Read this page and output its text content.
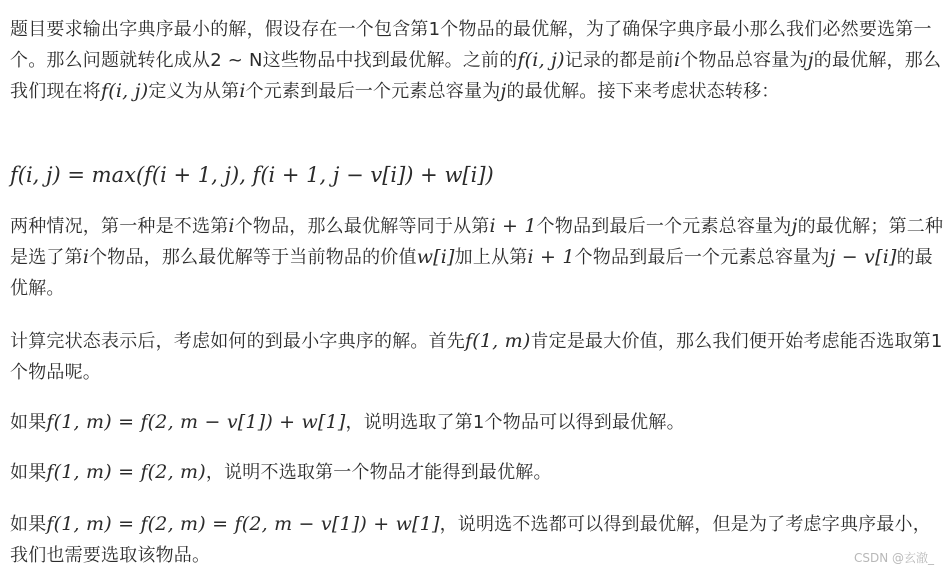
题目要求输出字典序最小的解，假设存在一个包含第1个物品的最优解，为了确保字典序最小那么我们必然要选第一个。那么问题就转化成从2 ~ N这些物品中找到最优解。之前的f(i, j)记录的都是前i个物品总容量为j的最优解，那么我们现在将f(i, j)定义为从第i个元素到最后一个元素总容量为j的最优解。接下来考虑状态转移：

f(i, j) = max(f(i + 1, j), f(i + 1, j − v[i]) + w[i])

两种情况，第一种是不选第i个物品，那么最优解等同于从第i + 1个物品到最后一个元素总容量为j的最优解；第二种是选了第i个物品，那么最优解等于当前物品的价值w[i]加上从第i + 1个物品到最后一个元素总容量为j − v[i]的最优解。

计算完状态表示后，考虑如何的到最小字典序的解。首先f(1, m)肯定是最大价值，那么我们便开始考虑能否选取第1个物品呢。

如果f(1, m) = f(2, m − v[1]) + w[1]，说明选取了第1个物品可以得到最优解。

如果f(1, m) = f(2, m)，说明不选取第一个物品才能得到最优解。

如果f(1, m) = f(2, m) = f(2, m − v[1]) + w[1]，说明选不选都可以得到最优解，但是为了考虑字典序最小，我们也需要选取该物品。	CSDN @玄澈_
